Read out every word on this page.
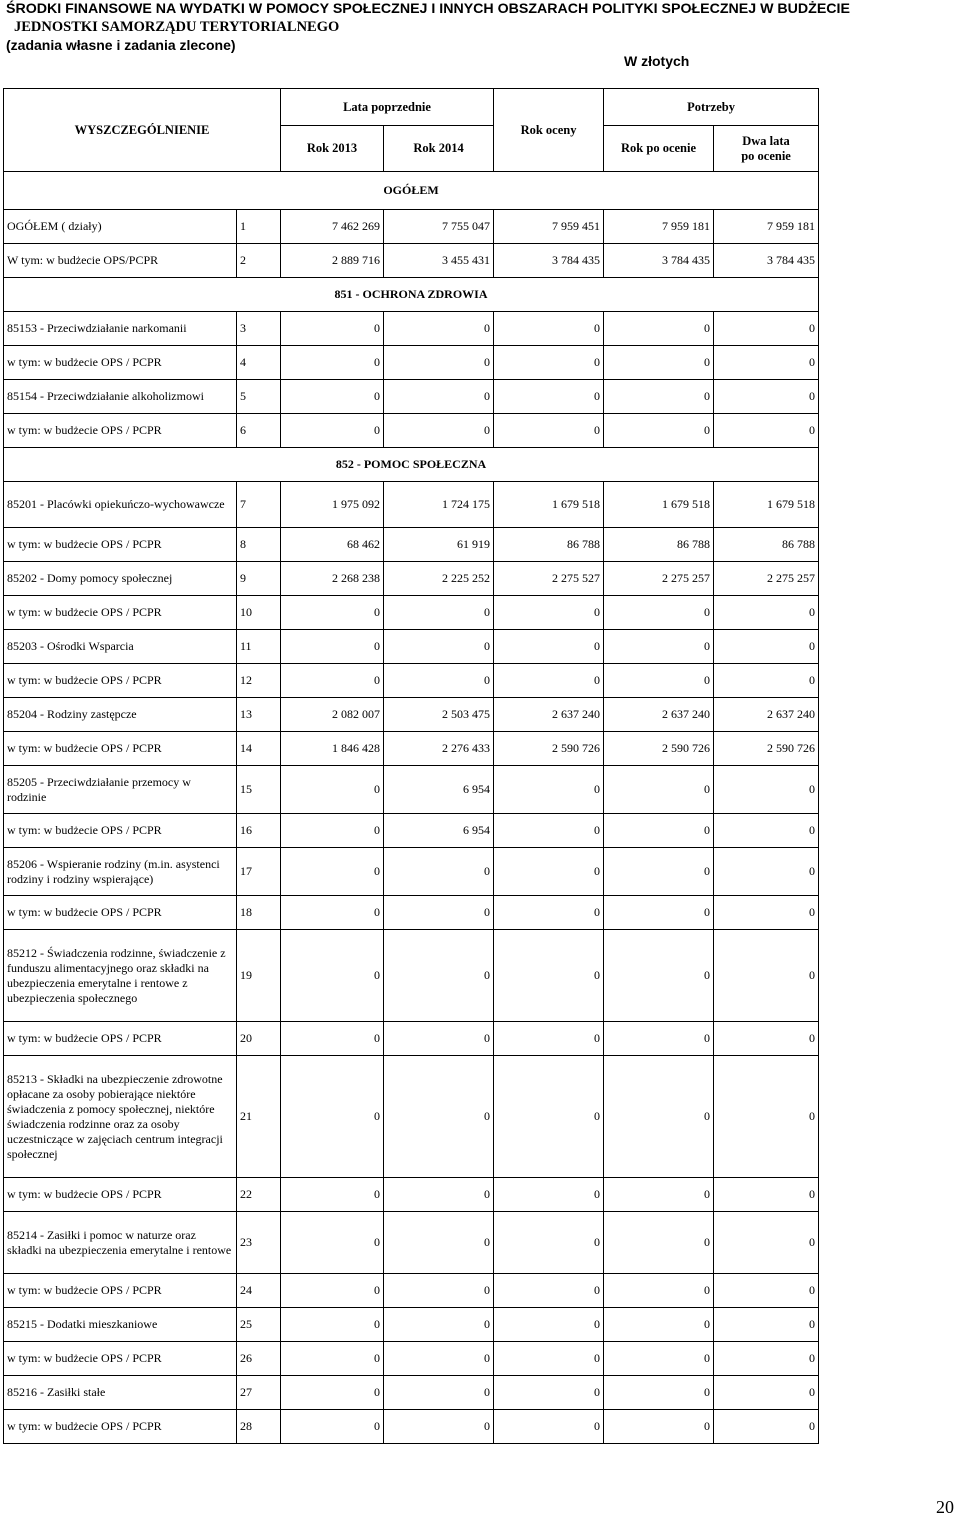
ŚRODKI FINANSOWE NA WYDATKI W POMOCY SPOŁECZNEJ I INNYCH OBSZARACH POLITYKI SPOŁECZNEJ W BUDŻECIE
JEDNOSTKI SAMORZĄDU TERYTORIALNEGO
(zadania własne i zadania zlecone)
W złotych
WYSZCZEGÓLNIENIE		Lata poprzednie		Rok oceny	Potrzeby	
		Rok 2013	Rok 2014		Rok po ocenie	Dwa lata
po ocenie

OGÓŁEM						
OGÓŁEM ( działy)	1	7 462 269	7 755 047	7 959 451	7 959 181	7 959 181
W tym: w budżecie OPS/PCPR	2	2 889 716	3 455 431	3 784 435	3 784 435	3 784 435
851 - OCHRONA ZDROWIA						
85153 - Przeciwdziałanie narkomanii	3	0	0	0	0	0
w tym: w budżecie OPS / PCPR	4	0	0	0	0	0
85154 - Przeciwdziałanie alkoholizmowi	5	0	0	0	0	0
w tym: w budżecie OPS / PCPR	6	0	0	0	0	0
852 - POMOC SPOŁECZNA						
85201 - Placówki opiekuńczo-wychowawcze	7	1 975 092	1 724 175	1 679 518	1 679 518	1 679 518
w tym: w budżecie OPS / PCPR	8	68 462	61 919	86 788	86 788	86 788
85202 - Domy pomocy społecznej	9	2 268 238	2 225 252	2 275 527	2 275 257	2 275 257
w tym: w budżecie OPS / PCPR	10	0	0	0	0	0
85203 - Ośrodki Wsparcia	11	0	0	0	0	0
w tym: w budżecie OPS / PCPR	12	0	0	0	0	0
85204 - Rodziny zastępcze	13	2 082 007	2 503 475	2 637 240	2 637 240	2 637 240
w tym: w budżecie OPS / PCPR	14	1 846 428	2 276 433	2 590 726	2 590 726	2 590 726
85205 - Przeciwdziałanie przemocy w rodzinie	15	0	6 954	0	0	0
w tym: w budżecie OPS / PCPR	16	0	6 954	0	0	0
85206 - Wspieranie rodziny (m.in. asystenci rodziny i rodziny wspierające)	17	0	0	0	0	0
w tym: w budżecie OPS / PCPR	18	0	0	0	0	0
85212 - Świadczenia rodzinne, świadczenie z funduszu alimentacyjnego oraz składki na ubezpieczenia emerytalne i rentowe z ubezpieczenia społecznego	19	0	0	0	0	0
w tym: w budżecie OPS / PCPR	20	0	0	0	0	0
85213 - Składki na ubezpieczenie zdrowotne opłacane za osoby pobierające niektóre świadczenia z pomocy społecznej, niektóre świadczenia rodzinne oraz za osoby uczestniczące w zajęciach centrum integracji społecznej	21	0	0	0	0	0
w tym: w budżecie OPS / PCPR	22	0	0	0	0	0
85214 - Zasiłki i pomoc w naturze oraz składki na ubezpieczenia emerytalne i rentowe	23	0	0	0	0	0
w tym: w budżecie OPS / PCPR	24	0	0	0	0	0
85215 - Dodatki mieszkaniowe	25	0	0	0	0	0
w tym: w budżecie OPS / PCPR	26	0	0	0	0	0
85216 - Zasiłki stałe	27	0	0	0	0	0
w tym: w budżecie OPS / PCPR	28	0	0	0	0	0
20
